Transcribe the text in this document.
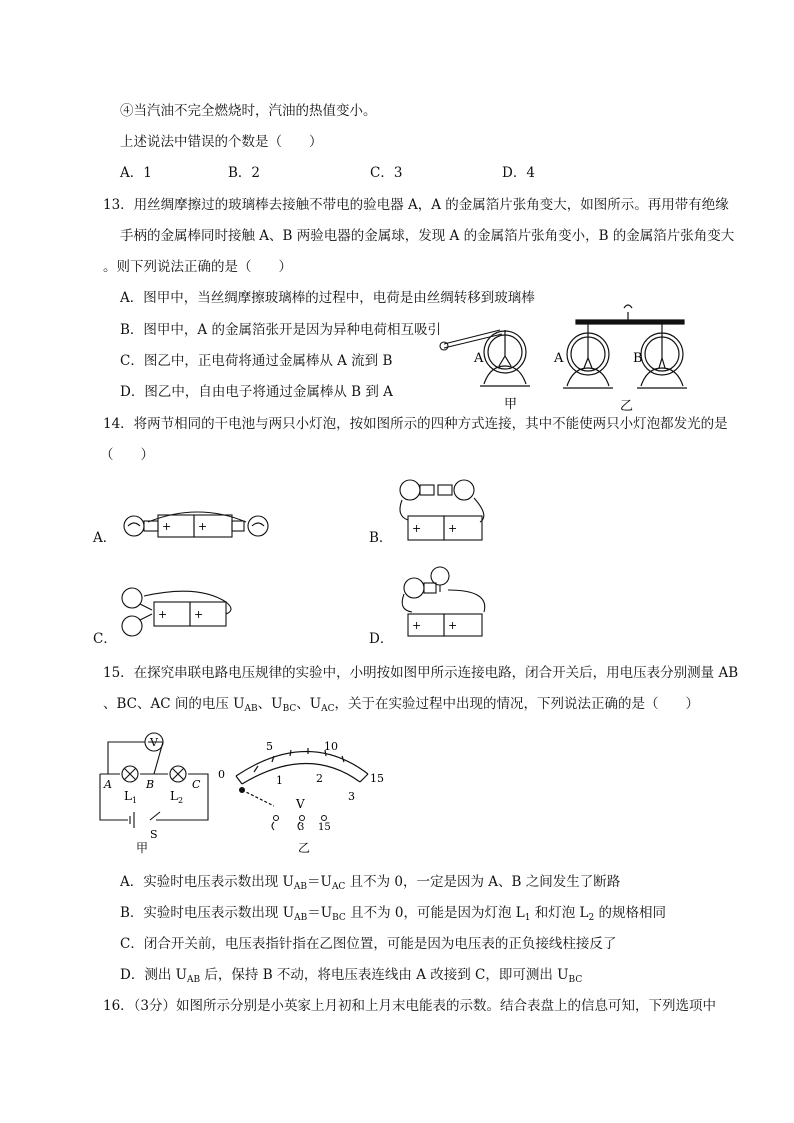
④当汽油不完全燃烧时，汽油的热值变小。
上述说法中错误的个数是（　　）
A．1	B．2	C．3	D．4
13．用丝绸摩擦过的玻璃棒去接触不带电的验电器 A，A 的金属箔片张角变大，如图所示。再用带有绝缘
手柄的金属棒同时接触 A、B 两验电器的金属球，发现 A 的金属箔片张角变小，B 的金属箔片张角变大
。则下列说法正确的是（　　）
A．图甲中，当丝绸摩擦玻璃棒的过程中，电荷是由丝绸转移到玻璃棒
B．图甲中，A 的金属箔张开是因为异种电荷相互吸引
C．图乙中，正电荷将通过金属棒从 A 流到 B
D．图乙中，自由电子将通过金属棒从 B 到 A
A
甲
A	B
乙
14．将两节相同的干电池与两只小灯泡，按如图所示的四种方式连接，其中不能使两只小灯泡都发光的是
（　　）
A．
+ +
B．
+ +
C．
+ +
D．
+ +
15．在探究串联电路电压规律的实验中，小明按如图甲所示连接电路，闭合开关后，用电压表分别测量 AB
、BC、AC 间的电压 $U_{AB}$、$U_{BC}$、$U_{AC}$，关于在实验过程中出现的情况，下列说法正确的是（　　）
V
A	B	C
$L_1$	$L_2$
S
甲
0
5	10
15
1	2
3
V
3 15
乙
A．实验时电压表示数出现 $U_{AB}=U_{AC}$ 且不为 0，一定是因为 A、B 之间发生了断路
B．实验时电压表示数出现 $U_{AB}=U_{BC}$ 且不为 0，可能是因为灯泡 $L_1$ 和灯泡 $L_2$ 的规格相同
C．闭合开关前，电压表指针指在乙图位置，可能是因为电压表的正负接线柱接反了
D．测出 $U_{AB}$ 后，保持 B 不动，将电压表连线由 A 改接到 C，即可测出 $U_{BC}$
16．（3分）如图所示分别是小英家上月初和上月末电能表的示数。结合表盘上的信息可知，下列选项中
